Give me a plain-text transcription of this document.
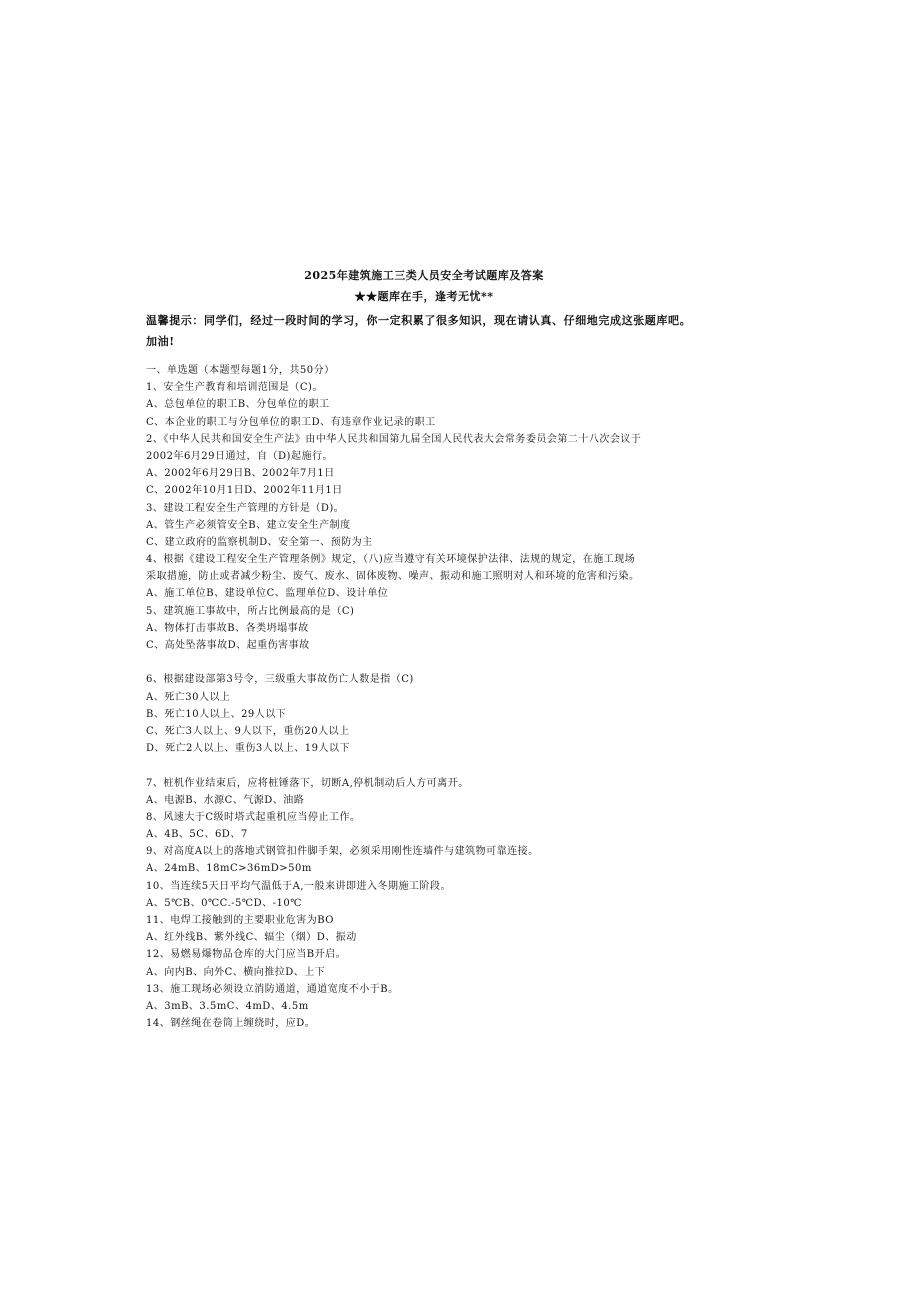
2025年建筑施工三类人员安全考试题库及答案
★★题库在手，逢考无忧**
温馨提示：同学们，经过一段时间的学习，你一定积累了很多知识，现在请认真、仔细地完成这张题库吧。
加油!
一、单选题（本题型每题1分，共50分）
1、安全生产教育和培训范围是（C)。
A、总包单位的职工B、分包单位的职工
C、本企业的职工与分包单位的职工D、有违章作业记录的职工
2、《中华人民共和国安全生产法》由中华人民共和国第九届全国人民代表大会常务委员会第二十八次会议于
2002年6月29日通过，自（D)起施行。
A、2002年6月29日B、2002年7月1日
C、2002年10月1日D、2002年11月1日
3、建设工程安全生产管理的方针是（D)。
A、管生产必须管安全B、建立安全生产制度
C、建立政府的监察机制D、安全第一、预防为主
4、根据《建设工程安全生产管理条例》规定，（八)应当遵守有关环境保护法律、法规的规定，在施工现场
采取措施，防止或者减少粉尘、废气、废水、固体废物、噪声、振动和施工照明对人和环境的危害和污染。
A、施工单位B、建设单位C、监理单位D、设计单位
5、建筑施工事故中，所占比例最高的是（C)
A、物体打击事故B、各类坍塌事故
C、高处坠落事故D、起重伤害事故
6、根据建设部第3号令，三级重大事故伤亡人数是指（C)
A、死亡30人以上
B、死亡10人以上、29人以下
C、死亡3人以上、9人以下，重伤20人以上
D、死亡2人以上、重伤3人以上、19人以下
7、桩机作业结束后，应将桩锤落下，切断A,停机制动后人方可离开。
A、电源B、水源C、气源D、油路
8、风速大于C级时塔式起重机应当停止工作。
A、4B、5C、6D、7
9、对高度A以上的落地式钢管扣件脚手架，必须采用刚性连墙件与建筑物可靠连接。
A、24mB、18mC>36mD>50m
10、当连续5天日平均气温低于A,一般来讲即进入冬期施工阶段。
A、5℃B、0℃C.-5℃D、-10℃
11、电焊工接触到的主要职业危害为BO
A、红外线B、紫外线C、辐尘（烟）D、振动
12、易燃易爆物品仓库的大门应当B开启。
A、向内B、向外C、横向推拉D、上下
13、施工现场必须设立消防通道，通道宽度不小于B。
A、3mB、3.5mC、4mD、4.5m
14、钢丝绳在卷筒上缠绕时，应D。
